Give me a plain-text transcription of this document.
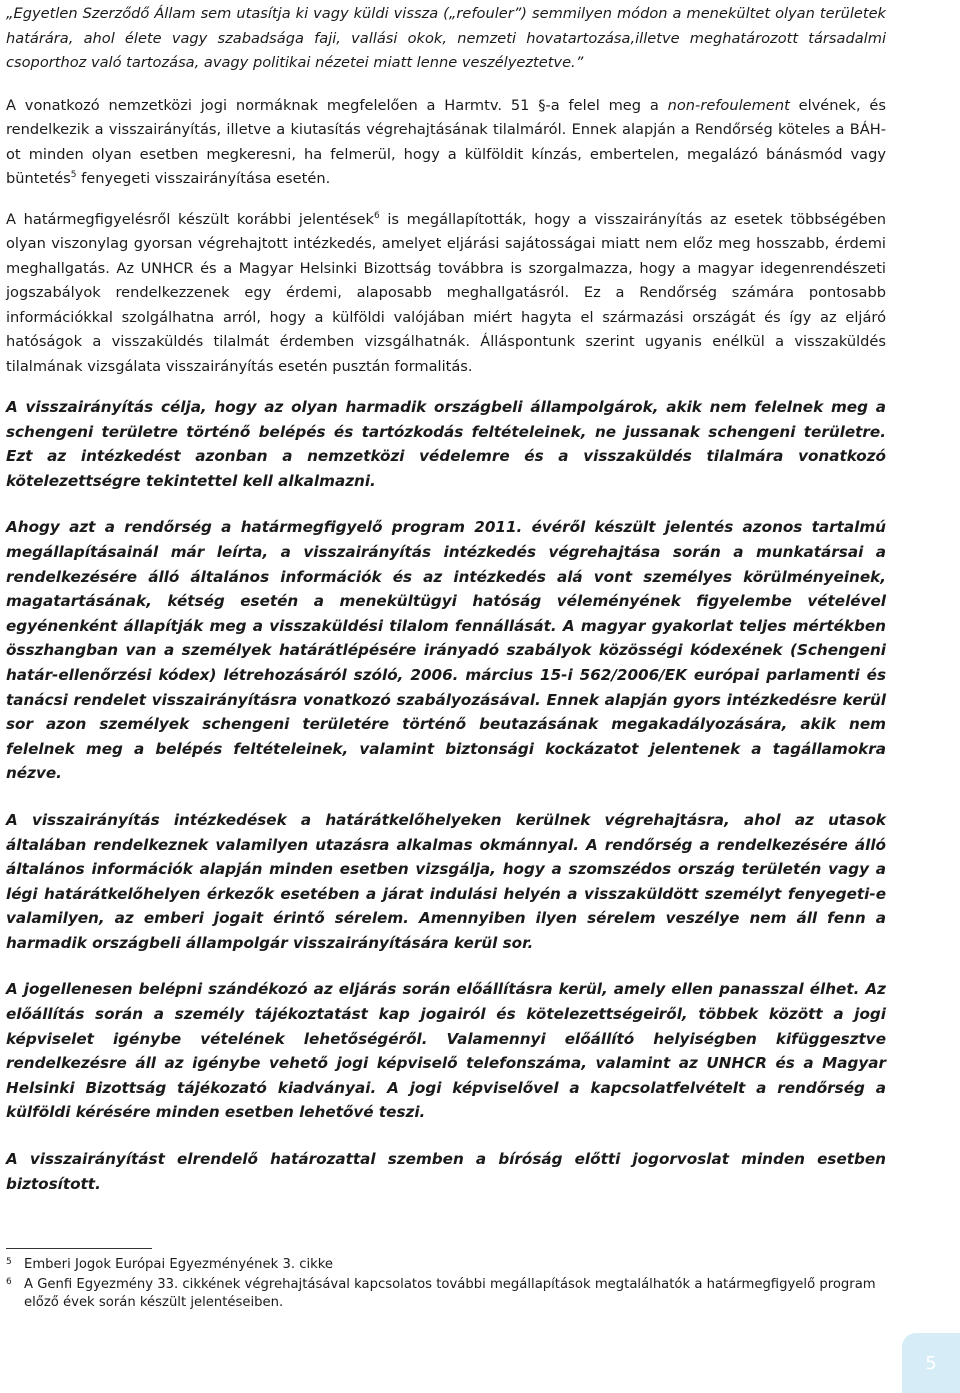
„Egyetlen Szerződő Állam sem utasítja ki vagy küldi vissza („refouler”) semmilyen módon a menekültet olyan területek határára, ahol élete vagy szabadsága faji, vallási okok, nemzeti hovatartozása,illetve meghatározott társadalmi csoporthoz való tartozása, avagy politikai nézetei miatt lenne veszélyeztetve.”

A vonatkozó nemzetközi jogi normáknak megfelelően a Harmtv. 51 §-a felel meg a non-refoulement elvének, és rendelkezik a visszairányítás, illetve a kiutasítás végrehajtásának tilalmáról. Ennek alapján a Rendőrség köteles a BÁH-ot minden olyan esetben megkeresni, ha felmerül, hogy a külföldit kínzás, embertelen, megalázó bánásmód vagy büntetés$^5$ fenyegeti visszairányítása esetén.

A határmegfigyelésről készült korábbi jelentések$^6$ is megállapították, hogy a visszairányítás az esetek többségében olyan viszonylag gyorsan végrehajtott intézkedés, amelyet eljárási sajátosságai miatt nem előz meg hosszabb, érdemi meghallgatás. Az UNHCR és a Magyar Helsinki Bizottság továbbra is szorgalmazza, hogy a magyar idegenrendészeti jogszabályok rendelkezzenek egy érdemi, alaposabb meghallgatásról. Ez a Rendőrség számára pontosabb információkkal szolgálhatna arról, hogy a külföldi valójában miért hagyta el származási országát és így az eljáró hatóságok a visszaküldés tilalmát érdemben vizsgálhatnák. Álláspontunk szerint ugyanis enélkül a visszaküldés tilalmának vizsgálata visszairányítás esetén pusztán formalitás.

A visszairányítás célja, hogy az olyan harmadik országbeli állampolgárok, akik nem felelnek meg a schengeni területre történő belépés és tartózkodás feltételeinek, ne jussanak schengeni területre. Ezt az intézkedést azonban a nemzetközi védelemre és a visszaküldés tilalmára vonatkozó kötelezettségre tekintettel kell alkalmazni.

Ahogy azt a rendőrség a határmegfigyelő program 2011. évéről készült jelentés azonos tartalmú megállapításainál már leírta, a visszairányítás intézkedés végrehajtása során a munkatársai a rendelkezésére álló általános információk és az intézkedés alá vont személyes körülményeinek, magatartásának, kétség esetén a menekültügyi hatóság véleményének figyelembe vételével egyénenként állapítják meg a visszaküldési tilalom fennállását. A magyar gyakorlat teljes mértékben összhangban van a személyek határátlépésére irányadó szabályok közösségi kódexének (Schengeni határ-ellenőrzési kódex) létrehozásáról szóló, 2006. március 15-i 562/2006/EK európai parlamenti és tanácsi rendelet visszairányításra vonatkozó szabályozásával. Ennek alapján gyors intézkedésre kerül sor azon személyek schengeni területére történő beutazásának megakadályozására, akik nem felelnek meg a belépés feltételeinek, valamint biztonsági kockázatot jelentenek a tagállamokra nézve.

A visszairányítás intézkedések a határátkelőhelyeken kerülnek végrehajtásra, ahol az utasok általában rendelkeznek valamilyen utazásra alkalmas okmánnyal. A rendőrség a rendelkezésére álló általános információk alapján minden esetben vizsgálja, hogy a szomszédos ország területén vagy a légi határátkelőhelyen érkezők esetében a járat indulási helyén a visszaküldött személyt fenyegeti-e valamilyen, az emberi jogait érintő sérelem. Amennyiben ilyen sérelem veszélye nem áll fenn a harmadik országbeli állampolgár visszairányítására kerül sor.

A jogellenesen belépni szándékozó az eljárás során előállításra kerül, amely ellen panasszal élhet. Az előállítás során a személy tájékoztatást kap jogairól és kötelezettségeiről, többek között a jogi képviselet igénybe vételének lehetőségéről. Valamennyi előállító helyiségben kifüggesztve rendelkezésre áll az igénybe vehető jogi képviselő telefonszáma, valamint az UNHCR és a Magyar Helsinki Bizottság tájékozató kiadványai. A jogi képviselővel a kapcsolatfelvételt a rendőrség a külföldi kérésére minden esetben lehetővé teszi.

A visszairányítást elrendelő határozattal szemben a bíróság előtti jogorvoslat minden esetben biztosított.

5 Emberi Jogok Európai Egyezményének 3. cikke
6 A Genfi Egyezmény 33. cikkének végrehajtásával kapcsolatos további megállapítások megtalálhatók a határmegfigyelő program előző évek során készült jelentéseiben.
5
